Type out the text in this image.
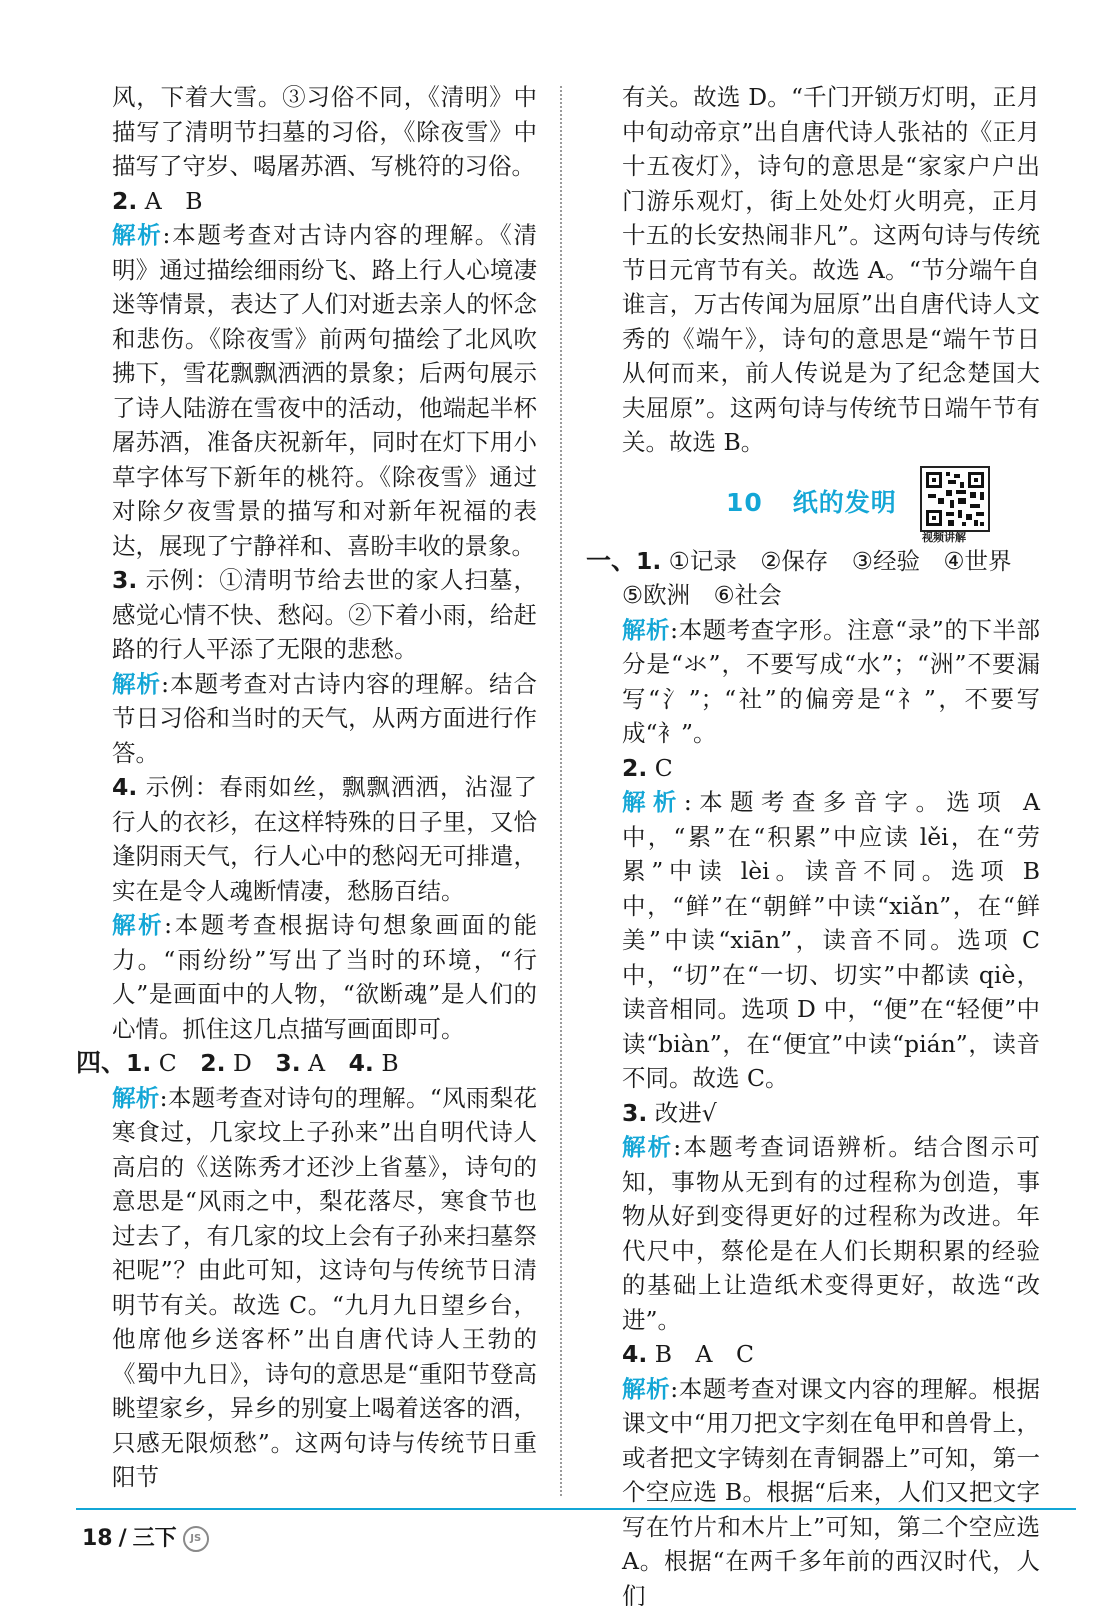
风，下着大雪。③习俗不同，《清明》中描写了清明节扫墓的习俗，《除夜雪》中描写了守岁、喝屠苏酒、写桃符的习俗。

2. A　B

解析:本题考查对古诗内容的理解。《清明》通过描绘细雨纷飞、路上行人心境凄迷等情景，表达了人们对逝去亲人的怀念和悲伤。《除夜雪》前两句描绘了北风吹拂下，雪花飘飘洒洒的景象；后两句展示了诗人陆游在雪夜中的活动，他端起半杯屠苏酒，准备庆祝新年，同时在灯下用小草字体写下新年的桃符。《除夜雪》通过对除夕夜雪景的描写和对新年祝福的表达，展现了宁静祥和、喜盼丰收的景象。

3. 示例：①清明节给去世的家人扫墓，感觉心情不快、愁闷。②下着小雨，给赶路的行人平添了无限的悲愁。

解析:本题考查对古诗内容的理解。结合节日习俗和当时的天气，从两方面进行作答。

4. 示例：春雨如丝，飘飘洒洒，沾湿了行人的衣衫，在这样特殊的日子里，又恰逢阴雨天气，行人心中的愁闷无可排遣，实在是令人魂断情凄，愁肠百结。

解析:本题考查根据诗句想象画面的能力。“雨纷纷”写出了当时的环境，“行人”是画面中的人物，“欲断魂”是人们的心情。抓住这几点描写画面即可。

四、1. C　2. D　3. A　4. B

解析:本题考查对诗句的理解。“风雨梨花寒食过，几家坟上子孙来”出自明代诗人高启的《送陈秀才还沙上省墓》，诗句的意思是“风雨之中，梨花落尽，寒食节也过去了，有几家的坟上会有子孙来扫墓祭祀呢”？由此可知，这诗句与传统节日清明节有关。故选 C。“九月九日望乡台，他席他乡送客杯”出自唐代诗人王勃的《蜀中九日》，诗句的意思是“重阳节登高眺望家乡，异乡的别宴上喝着送客的酒，只感无限烦愁”。这两句诗与传统节日重阳节

有关。故选 D。“千门开锁万灯明，正月中旬动帝京”出自唐代诗人张祜的《正月十五夜灯》，诗句的意思是“家家户户出门游乐观灯，街上处处灯火明亮，正月十五的长安热闹非凡”。这两句诗与传统节日元宵节有关。故选 A。“节分端午自谁言，万古传闻为屈原”出自唐代诗人文秀的《端午》，诗句的意思是“端午节日从何而来，前人传说是为了纪念楚国大夫屈原”。这两句诗与传统节日端午节有关。故选 B。

10 纸的发明
视频讲解

一、1. ①记录　②保存　③经验　④世界

⑤欧洲　⑥社会

解析:本题考查字形。注意“录”的下半部分是“氺”，不要写成“水”；“洲”不要漏写“氵”；“社”的偏旁是“礻”，不要写成“衤”。

2. C

解析:本题考查多音字。选项 A 中，“累”在“积累”中应读 lěi，在“劳累”中读 lèi。读音不同。选项 B 中，“鲜”在“朝鲜”中读“xiǎn”，在“鲜美”中读“xiān”，读音不同。选项 C 中，“切”在“一切、切实”中都读 qiè，读音相同。选项 D 中，“便”在“轻便”中读“biàn”，在“便宜”中读“pián”，读音不同。故选 C。

3. 改进√

解析:本题考查词语辨析。结合图示可知，事物从无到有的过程称为创造，事物从好到变得更好的过程称为改进。年代尺中，蔡伦是在人们长期积累的经验的基础上让造纸术变得更好，故选“改进”。

4. B　A　C

解析:本题考查对课文内容的理解。根据课文中“用刀把文字刻在龟甲和兽骨上，或者把文字铸刻在青铜器上”可知，第一个空应选 B。根据“后来，人们又把文字写在竹片和木片上”可知，第二个空应选 A。根据“在两千多年前的西汉时代，人们

18 / 三下	JS
